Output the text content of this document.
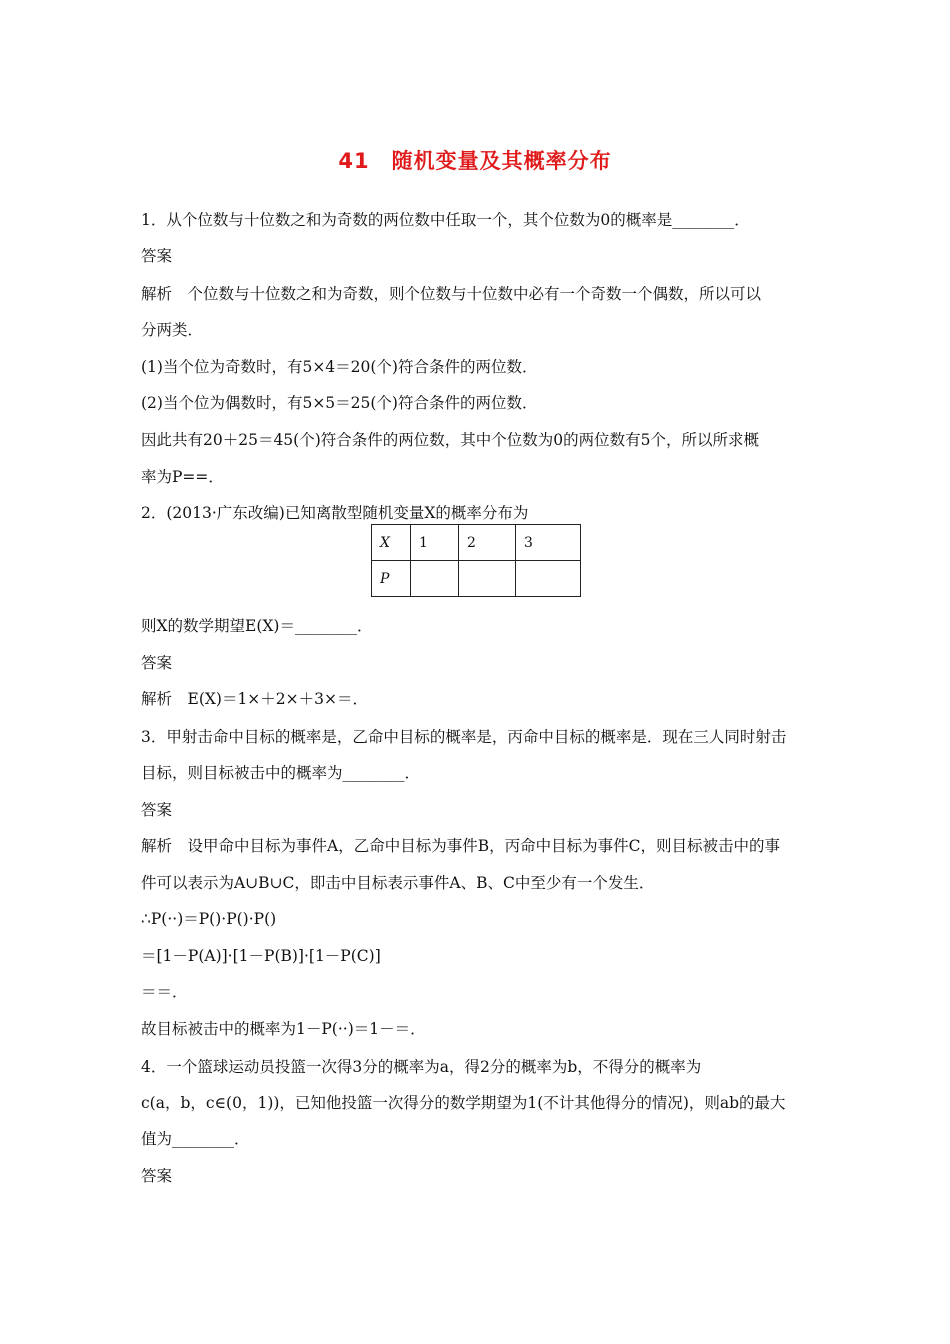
41　随机变量及其概率分布
1．从个位数与十位数之和为奇数的两位数中任取一个，其个位数为0的概率是________．
答案
解析　个位数与十位数之和为奇数，则个位数与十位数中必有一个奇数一个偶数，所以可以
分两类．
(1)当个位为奇数时，有5×4＝20(个)符合条件的两位数．
(2)当个位为偶数时，有5×5＝25(个)符合条件的两位数．
因此共有20＋25＝45(个)符合条件的两位数，其中个位数为0的两位数有5个，所以所求概
率为P==．
2．(2013·广东改编)已知离散型随机变量X的概率分布为
X	1	2	3
P			
则X的数学期望E(X)＝________．
答案
解析　E(X)＝1×＋2×＋3×＝．
3．甲射击命中目标的概率是，乙命中目标的概率是，丙命中目标的概率是．现在三人同时射击
目标，则目标被击中的概率为________．
答案
解析　设甲命中目标为事件A，乙命中目标为事件B，丙命中目标为事件C，则目标被击中的事
件可以表示为A∪B∪C，即击中目标表示事件A、B、C中至少有一个发生．
∴P(··)＝P()·P()·P()
＝[1－P(A)]·[1－P(B)]·[1－P(C)]
＝＝．
故目标被击中的概率为1－P(··)＝1－＝．
4．一个篮球运动员投篮一次得3分的概率为a，得2分的概率为b，不得分的概率为
c(a，b，c∈(0，1))，已知他投篮一次得分的数学期望为1(不计其他得分的情况)，则ab的最大
值为________．
答案
